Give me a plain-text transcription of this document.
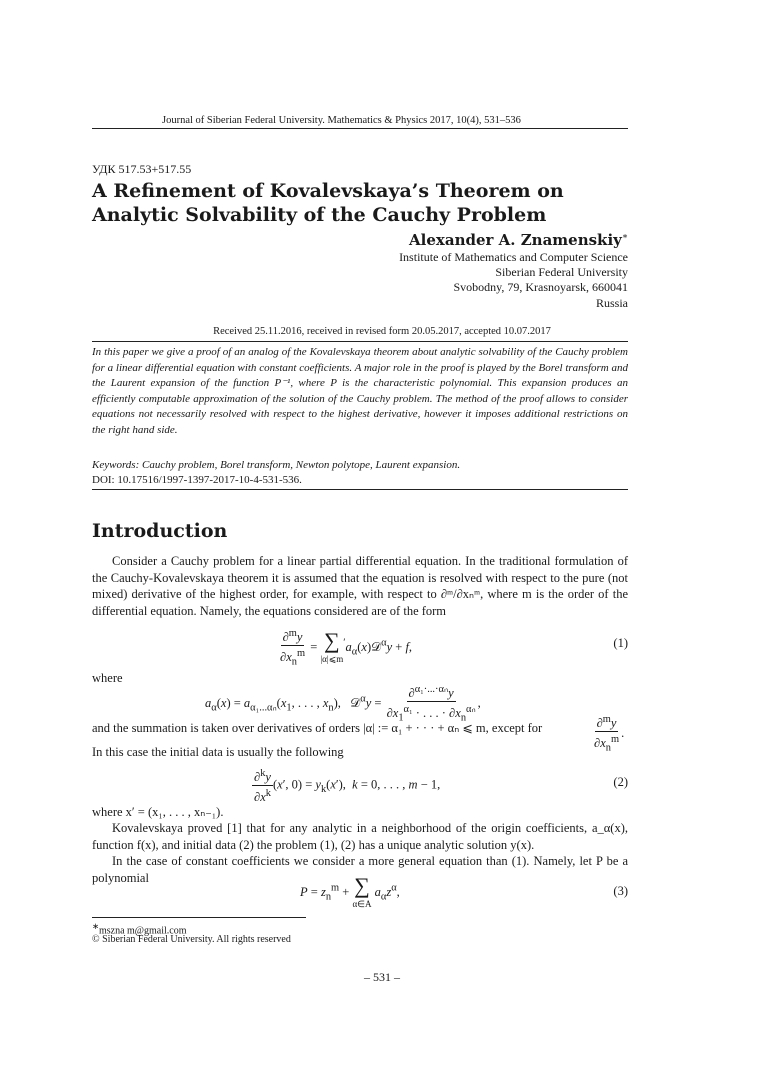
Journal of Siberian Federal University. Mathematics & Physics 2017, 10(4), 531–536
УДК 517.53+517.55
A Refinement of Kovalevskaya’s Theorem on Analytic Solvability of the Cauchy Problem
Alexander A. Znamenskiy∗
Institute of Mathematics and Computer Science
Siberian Federal University
Svobodny, 79, Krasnoyarsk, 660041
Russia
Received 25.11.2016, received in revised form 20.05.2017, accepted 10.07.2017
In this paper we give a proof of an analog of the Kovalevskaya theorem about analytic solvability of the Cauchy problem for a linear differential equation with constant coefficients. A major role in the proof is played by the Borel transform and the Laurent expansion of the function P⁻¹, where P is the characteristic polynomial. This expansion produces an efficiently computable approximation of the solution of the Cauchy problem. The method of the proof allows to consider equations not necessarily resolved with respect to the highest derivative, however it imposes additional restrictions on the right hand side.
Keywords: Cauchy problem, Borel transform, Newton polytope, Laurent expansion.
DOI: 10.17516/1997-1397-2017-10-4-531-536.
Introduction
Consider a Cauchy problem for a linear partial differential equation. In the traditional formulation of the Cauchy-Kovalevskaya theorem it is assumed that the equation is resolved with respect to the pure (not mixed) derivative of the highest order, for example, with respect to ∂ᵐ/∂xₙᵐ, where m is the order of the differential equation. Namely, the equations considered are of the form
$\frac{\partial^my}{\partial x_n^m}$ = ∑
|α|⩽m
$'a_\alpha(x)𝒟^\alpha y + f$,	(1)
where
$a_\alpha(x) = a_{\alpha_1...\alpha_n}(x_1$, . . . , $x_n$),   𝒟$^\alpha$y = $\frac{\partial^{\alpha_1\cdot...\cdot\alpha_n}y}{\partial x_1^{\alpha_1} \cdot . . . \cdot \partial x_n^{\alpha_n}}$ ,
and the summation is taken over derivatives of orders |α| := α₁ + · · · + αₙ ⩽ m, except for	$\frac{\partial^my}{\partial x_n^m}$ .
In this case the initial data is usually the following
$\frac{\partial^ky}{\partial x^k} (x'$, $0) = y_k(x')$,  k = 0, . . . , m − 1,	(2)
where x′ = (x₁, . . . , xₙ₋₁).
Kovalevskaya proved [1] that for any analytic in a neighborhood of the origin coefficients, a_α(x), function f(x), and initial data (2) the problem (1), (2) has a unique analytic solution y(x).
In the case of constant coefficients we consider a more general equation than (1). Namely, let P be a polynomial
$P = z_n^m$ + ∑
α∈A
$a_\alpha z^\alpha$,	(3)
∗mszna m@gmail.com
© Siberian Federal University. All rights reserved
– 531 –
